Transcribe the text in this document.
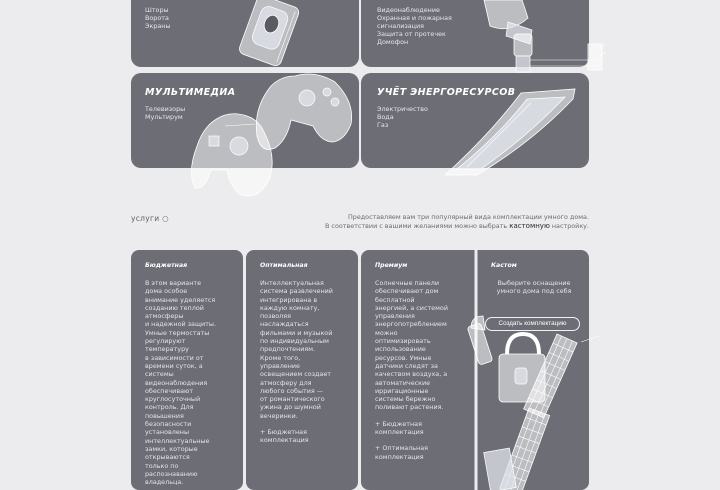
Шторы
Ворота
Экраны
Видеонаблюдение
Охранная и пожарная
сигнализация
Защита от протечек
Домофон
МУЛЬТИМЕДИА
Телевизоры
Мультирум
УЧЁТ ЭНЕРГОРЕСУРСОВ
Электричество
Вода
Газ
услуги ○	Предоставляем вам три популярный вида комплектации умного дома.
В соответствии с вашими желаниями можно выбрать кастомную настройку.
Бюджетная

В этом варианте

дома особое

внимание уделяется

созданию теплой

атмосферы

и надежной защиты.

Умные термостаты

регулируют

температуру

в зависимости от

времени суток, а

системы

видеонаблюдения

обеспечивают

круглосуточный

контроль. Для

повышения

безопасности

установлены

интеллектуальные

замки, которые

открываются

только по

распознаванию

владельца.

Оптимальная

Интеллектуальная

система развлечений

интегрирована в

каждую комнату,

позволяя

наслаждаться

фильмами и музыкой

по индивидуальным

предпочтениям.

Кроме того,

управление

освещением создает

атмосферу для

любого события —

от романтического

ужина до шумной

вечеринки.

+ Бюджетная

комплектация

Премиум

Солнечные панели

обеспечивают дом

бесплатной

энергией, а системой

управления

энергопотреблением

можно

оптимизировать

использование

ресурсов. Умные

датчики следят за

качеством воздуха, а

автоматические

ирригационные

системы бережно

поливают растения.

+ Бюджетная

комплектация

+ Оптимальная

комплектация

Кастом

Выберите оснащение

умного дома под себя

Создать комплектацию
